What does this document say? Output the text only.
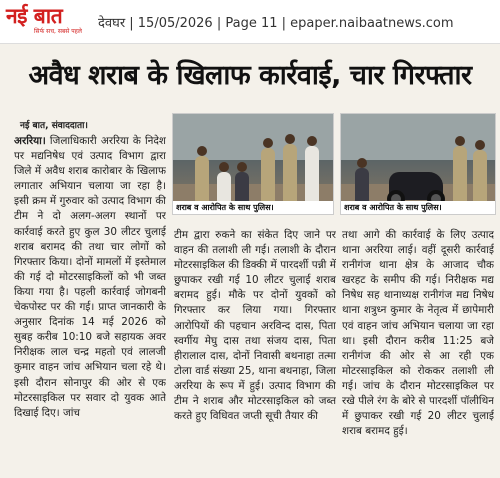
नई बात
सिर्फ सच, सबसे पहले
देवघर | 15/05/2026 | Page 11 | epaper.naibaatnews.com
अवैध शराब के खिलाफ कार्रवाई, चार गिरफ्तार
नई बात, संवाददाता।
अररिया। जिलाधिकारी अररिया के निदेश पर मद्यनिषेध एवं उत्पाद विभाग द्वारा जिले में अवैध शराब कारोबार के खिलाफ लगातार अभियान चलाया जा रहा है। इसी क्रम में गुरुवार को उत्पाद विभाग की टीम ने दो अलग-अलग स्थानों पर कार्रवाई करते हुए कुल 30 लीटर चुलाई शराब बरामद की तथा चार लोगों को गिरफ्तार किया। दोनों मामलों में इस्तेमाल की गई दो मोटरसाइकिलों को भी जब्त किया गया है। पहली कार्रवाई जोगबनी चेकपोस्ट पर की गई। प्राप्त जानकारी के अनुसार दिनांक 14 मई 2026 को सुबह करीब 10:10 बजे सहायक अवर निरीक्षक लाल चन्द्र महतो एवं लालजी कुमार वाहन जांच अभियान चला रहे थे। इसी दौरान सोनापुर की ओर से एक मोटरसाइकिल पर सवार दो युवक आते दिखाई दिए। जांच
शराब व आरोपित के साथ पुलिस।	शराब व आरोपित के साथ पुलिस।
टीम द्वारा रुकने का संकेत दिए जाने पर वाहन की तलाशी ली गई। तलाशी के दौरान मोटरसाइकिल की डिक्की में पारदर्शी पन्नी में छुपाकर रखी गई 10 लीटर चुलाई शराब बरामद हुई। मौके पर दोनों युवकों को गिरफ्तार कर लिया गया। गिरफ्तार आरोपियों की पहचान अरविन्द दास, पिता स्वर्गीय मेघु दास तथा संजय दास, पिता हीरालाल दास, दोनों निवासी बथनाहा तत्मा टोला वार्ड संख्या 25, थाना बथनाहा, जिला अररिया के रूप में हुई। उत्पाद विभाग की टीम ने शराब और मोटरसाइकिल को जब्त करते हुए विधिवत जप्ती सूची तैयार की
तथा आगे की कार्रवाई के लिए उत्पाद थाना अररिया लाई। वहीं दूसरी कार्रवाई रानीगंज थाना क्षेत्र के आजाद चौक खरहट के समीप की गई। निरीक्षक मद्य निषेध सह थानाध्यक्ष रानीगंज मद्य निषेध थाना शत्रुध्न कुमार के नेतृत्व में छापेमारी एवं वाहन जांच अभियान चलाया जा रहा था। इसी दौरान करीब 11:25 बजे रानीगंज की ओर से आ रही एक मोटरसाइकिल को रोककर तलाशी ली गई। जांच के दौरान मोटरसाइकिल पर रखे पीले रंग के बोरे से पारदर्शी पॉलीथिन में छुपाकर रखी गई 20 लीटर चुलाई शराब बरामद हुई।
